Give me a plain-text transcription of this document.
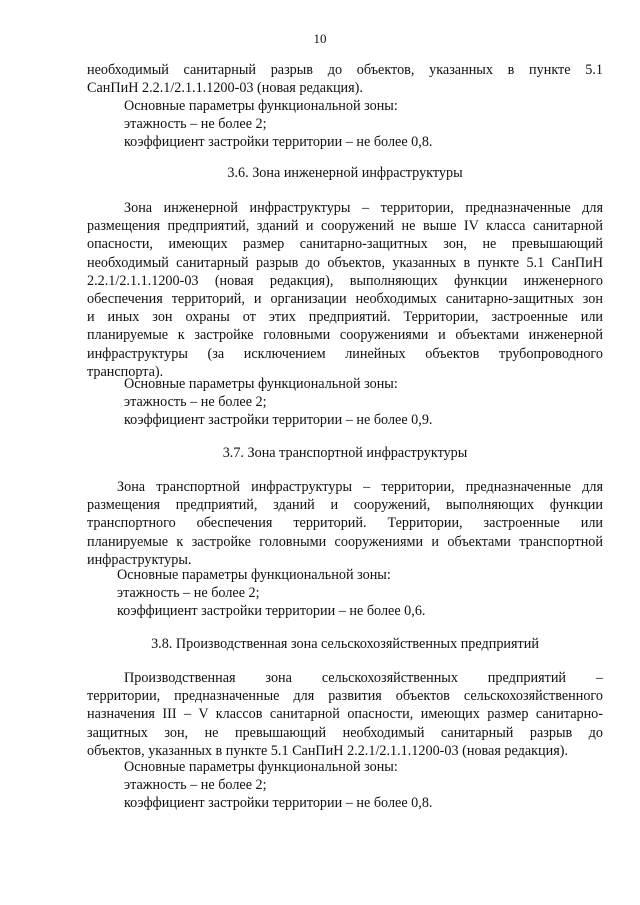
10
необходимый санитарный разрыв до объектов, указанных в пункте 5.1
СанПиН 2.2.1/2.1.1.1200-03 (новая редакция).
Основные параметры функциональной зоны:
этажность – не более 2;
коэффициент застройки территории – не более 0,8.
3.6. Зона инженерной инфраструктуры
Зона инженерной инфраструктуры – территории, предназначенные для
размещения предприятий, зданий и сооружений не выше IV класса санитарной
опасности, имеющих размер санитарно-защитных зон, не превышающий
необходимый санитарный разрыв до объектов, указанных в пункте 5.1 СанПиН
2.2.1/2.1.1.1200-03 (новая редакция), выполняющих функции инженерного
обеспечения территорий, и организации необходимых санитарно-защитных зон
и иных зон охраны от этих предприятий. Территории, застроенные или
планируемые к застройке головными сооружениями и объектами инженерной
инфраструктуры (за исключением линейных объектов трубопроводного
транспорта).
Основные параметры функциональной зоны:
этажность – не более 2;
коэффициент застройки территории – не более 0,9.
3.7. Зона транспортной инфраструктуры
Зона транспортной инфраструктуры – территории, предназначенные для
размещения предприятий, зданий и сооружений, выполняющих функции
транспортного обеспечения территорий. Территории, застроенные или
планируемые к застройке головными сооружениями и объектами транспортной
инфраструктуры.
Основные параметры функциональной зоны:
этажность – не более 2;
коэффициент застройки территории – не более 0,6.
3.8. Производственная зона сельскохозяйственных предприятий
Производственная зона сельскохозяйственных предприятий –
территории, предназначенные для развития объектов сельскохозяйственного
назначения III – V классов санитарной опасности, имеющих размер санитарно-
защитных зон, не превышающий необходимый санитарный разрыв до
объектов, указанных в пункте 5.1 СанПиН 2.2.1/2.1.1.1200-03 (новая редакция).
Основные параметры функциональной зоны:
этажность – не более 2;
коэффициент застройки территории – не более 0,8.
